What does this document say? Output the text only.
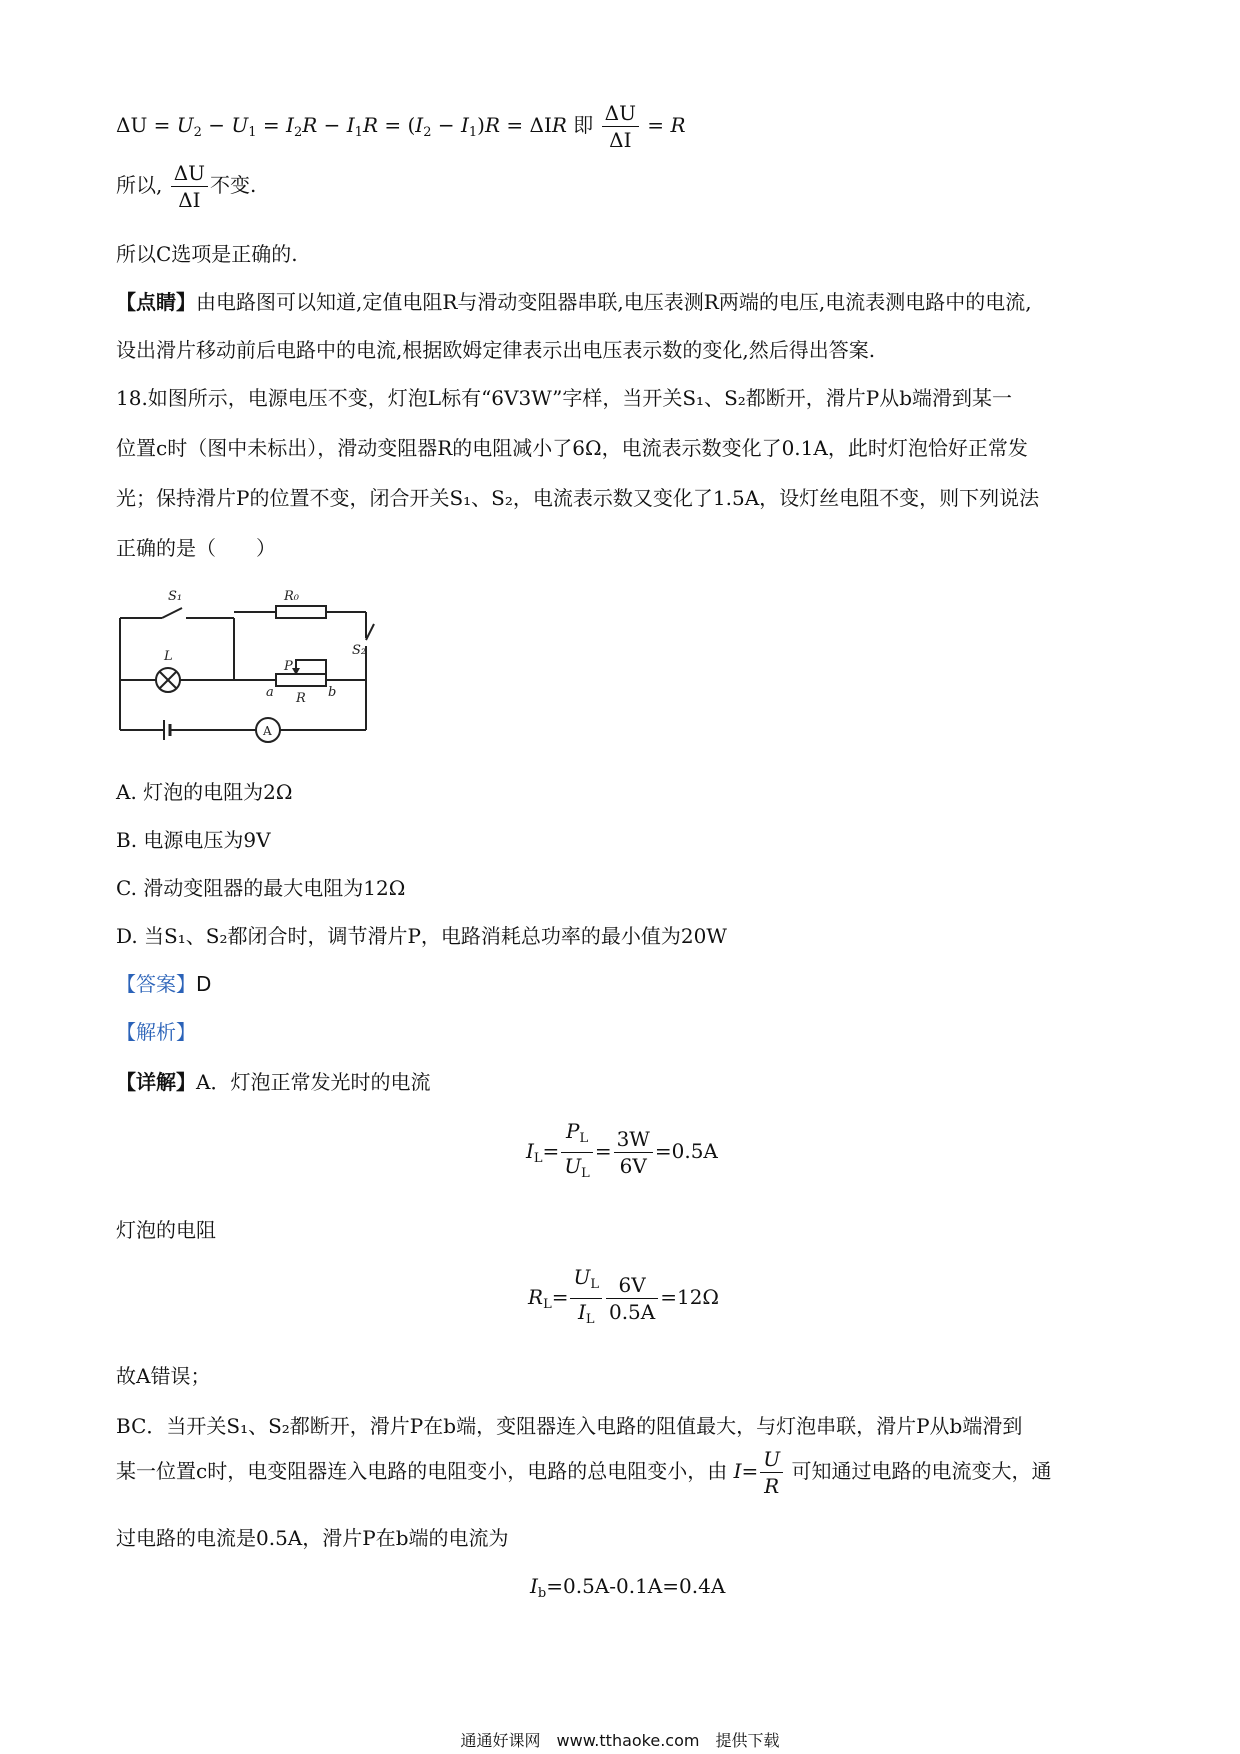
$\Delta U = U_2 - U_1 = I_2R - I_1R = (I_2 - I_1)R = \Delta IR$ 即 $\frac{\Delta U}{\Delta I} = R$
所以, $\frac{\Delta U}{\Delta I}$ 不变.
所以C选项是正确的.
【点睛】由电路图可以知道,定值电阻R与滑动变阻器串联,电压表测R两端的电压,电流表测电路中的电流,
设出滑片移动前后电路中的电流,根据欧姆定律表示出电压表示数的变化,然后得出答案.
18.如图所示，电源电压不变，灯泡L标有“6V3W”字样，当开关S₁、S₂都断开，滑片P从b端滑到某一
位置c时（图中未标出），滑动变阻器R的电阻减小了6Ω，电流表示数变化了0.1A，此时灯泡恰好正常发
光；保持滑片P的位置不变，闭合开关S₁、S₂，电流表示数又变化了1.5A，设灯丝电阻不变，则下列说法
正确的是（　　）
S₁	R₀
S₂
L
P
R
a	b
A
A. 灯泡的电阻为2Ω
B. 电源电压为9V
C. 滑动变阻器的最大电阻为12Ω
D. 当S₁、S₂都闭合时，调节滑片P，电路消耗总功率的最小值为20W
【答案】D
【解析】
【详解】A．灯泡正常发光时的电流
$I_L= \frac{P_L}{U_L} = \frac{3W}{6V} =0.5A$
灯泡的电阻
$R_L= \frac{U_L}{I_L} \frac{6V}{0.5A} =12\Omega$
故A错误；
BC．当开关S₁、S₂都断开，滑片P在b端，变阻器连入电路的阻值最大，与灯泡串联，滑片P从b端滑到
某一位置c时，电变阻器连入电路的电阻变小，电路的总电阻变小，由 $I= \frac{U}{R}$ 可知通过电路的电流变大，通
过电路的电流是0.5A，滑片P在b端的电流为
$I_b=0.5A-0.1A=0.4A$
通通好课网　www.tthaoke.com　提供下载
